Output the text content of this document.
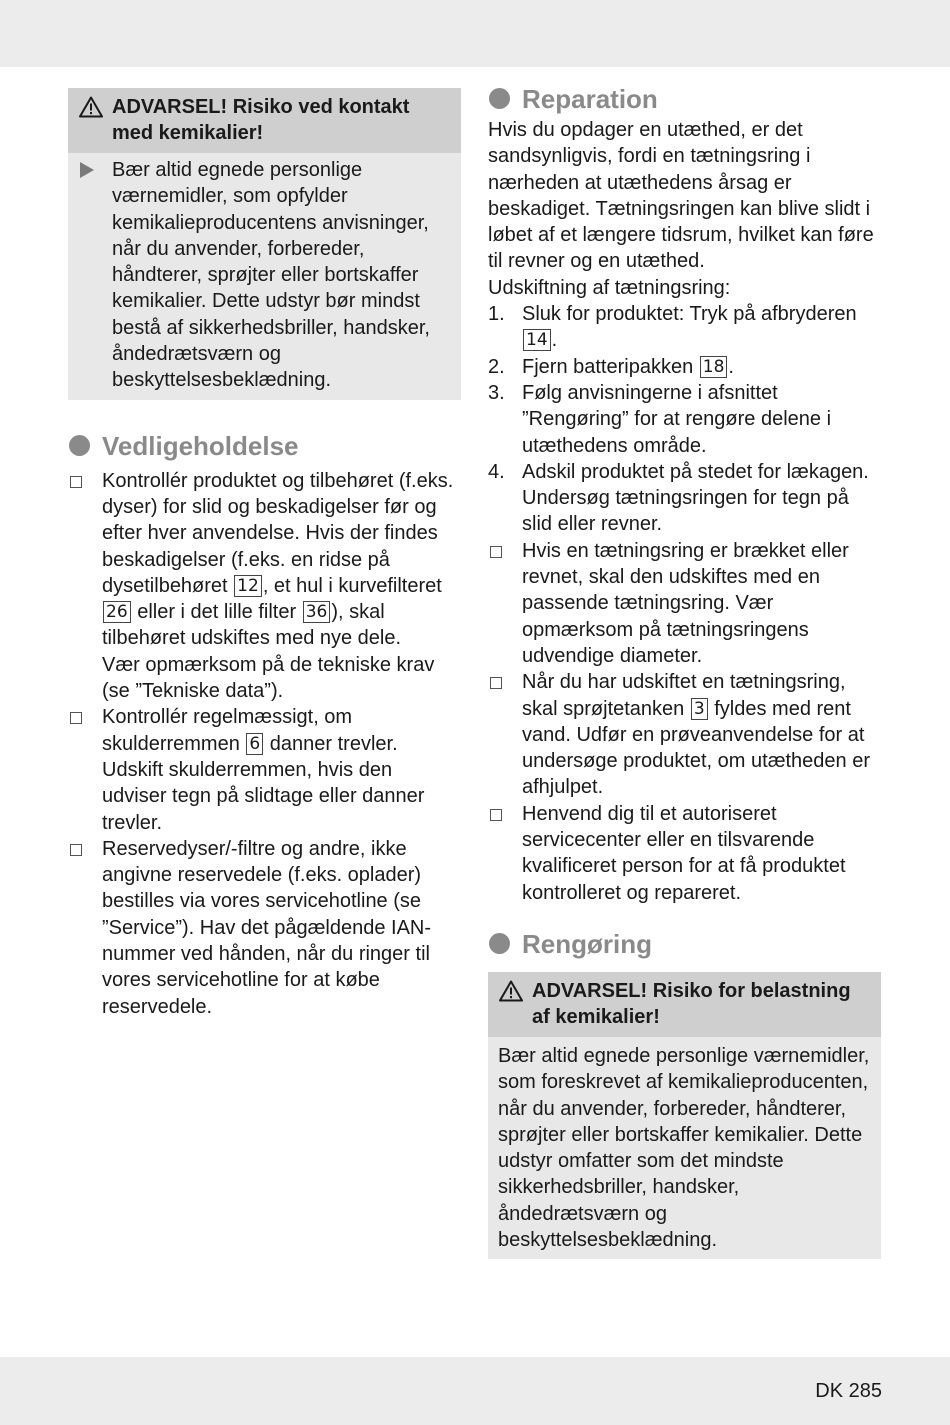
ADVARSEL! Risiko ved kontakt med kemikalier!
Bær altid egnede personlige værnemidler, som opfylder kemikalieproducentens anvisninger, når du anvender, forbereder, håndterer, sprøjter eller bortskaffer kemikalier. Dette udstyr bør mindst bestå af sikkerhedsbriller, handsker, åndedrætsværn og beskyttelsesbeklædning.
Vedligeholdelse
Kontrollér produktet og tilbehøret (f.eks. dyser) for slid og beskadigelser før og efter hver anvendelse. Hvis der findes beskadigelser (f.eks. en ridse på dysetilbehøret 12 , et hul i kurvefilteret 26 eller i det lille filter 36 ), skal tilbehøret udskiftes med nye dele.
Vær opmærksom på de tekniske krav (se ”Tekniske data”).
Kontrollér regelmæssigt, om skulderremmen 6 danner trevler. Udskift skulderremmen, hvis den udviser tegn på slidtage eller danner trevler.
Reservedyser/-filtre og andre, ikke angivne reservedele (f.eks. oplader) bestilles via vores servicehotline (se ”Service”). Hav det pågældende IAN-nummer ved hånden, når du ringer til vores servicehotline for at købe reservedele.
Reparation
Hvis du opdager en utæthed, er det sandsynligvis, fordi en tætningsring i nærheden at utæthedens årsag er beskadiget. Tætningsringen kan blive slidt i løbet af et længere tidsrum, hvilket kan føre til revner og en utæthed.
Udskiftning af tætningsring:
1. Sluk for produktet: Tryk på afbryderen 14 .
2. Fjern batteripakken 18 .
3. Følg anvisningerne i afsnittet ”Rengøring” for at rengøre delene i utæthedens område.
4. Adskil produktet på stedet for lækagen. Undersøg tætningsringen for tegn på slid eller revner.
Hvis en tætningsring er brækket eller revnet, skal den udskiftes med en passende tætningsring. Vær opmærksom på tætningsringens udvendige diameter.
Når du har udskiftet en tætningsring, skal sprøjtetanken 3 fyldes med rent vand. Udfør en prøveanvendelse for at undersøge produktet, om utætheden er afhjulpet.
Henvend dig til et autoriseret servicecenter eller en tilsvarende kvalificeret person for at få produktet kontrolleret og repareret.
Rengøring
ADVARSEL! Risiko for belastning af kemikalier!
Bær altid egnede personlige værnemidler, som foreskrevet af kemikalieproducenten, når du anvender, forbereder, håndterer, sprøjter eller bortskaffer kemikalier. Dette udstyr omfatter som det mindste sikkerhedsbriller, handsker, åndedrætsværn og beskyttelsesbeklædning.
DK 285
